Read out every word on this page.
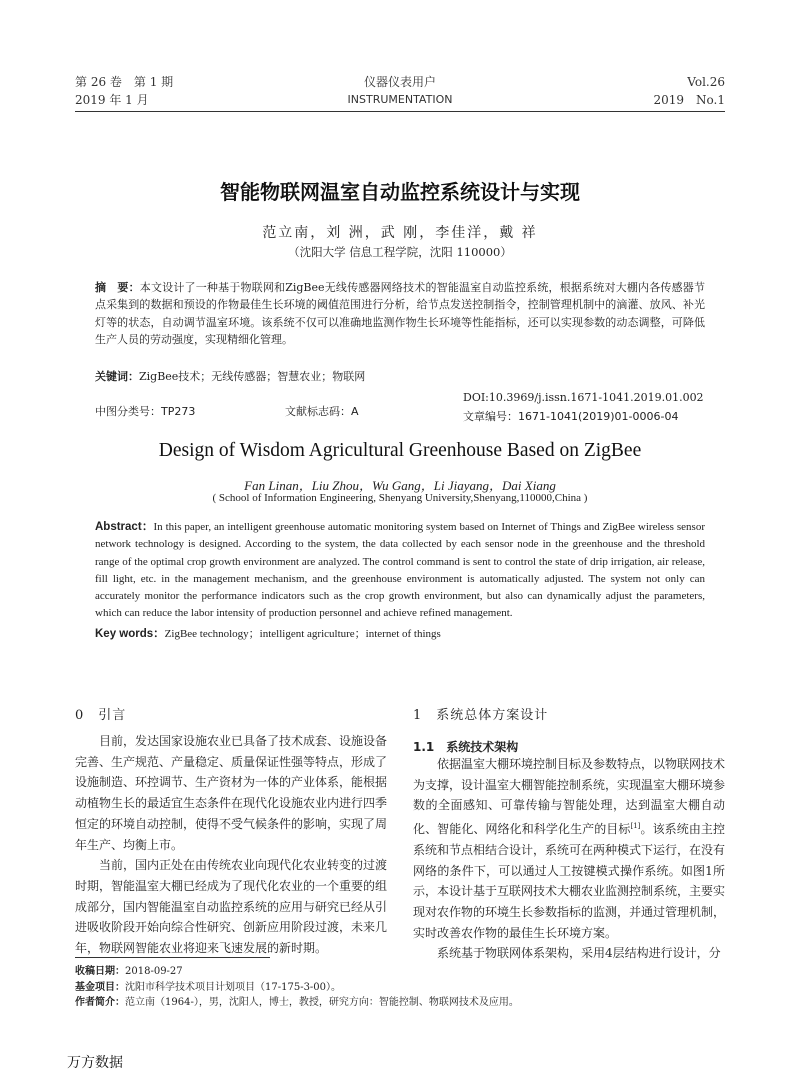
第 26 卷　第 1 期
2019 年 1 月
仪器仪表用户
INSTRUMENTATION
Vol.26
2019　No.1
智能物联网温室自动监控系统设计与实现
范立南，刘 洲，武 刚，李佳洋，戴 祥
（沈阳大学 信息工程学院，沈阳 110000）
摘　要：本文设计了一种基于物联网和ZigBee无线传感器网络技术的智能温室自动监控系统，根据系统对大棚内各传感器节点采集到的数据和预设的作物最佳生长环境的阈值范围进行分析，给节点发送控制指令，控制管理机制中的滴灌、放风、补光灯等的状态，自动调节温室环境。该系统不仅可以准确地监测作物生长环境等性能指标，还可以实现参数的动态调整，可降低生产人员的劳动强度，实现精细化管理。
关键词：ZigBee技术；无线传感器；智慧农业；物联网
中图分类号：TP273	文献标志码：A
DOI:10.3969/j.issn.1671-1041.2019.01.002
文章编号：1671-1041(2019)01-0006-04
Design of Wisdom Agricultural Greenhouse Based on ZigBee
Fan Linan，Liu Zhou，Wu Gang，Li Jiayang，Dai Xiang
( School of Information Engineering, Shenyang University,Shenyang,110000,China )
Abstract：In this paper, an intelligent greenhouse automatic monitoring system based on Internet of Things and ZigBee wireless sensor network technology is designed. According to the system, the data collected by each sensor node in the greenhouse and the threshold range of the optimal crop growth environment are analyzed. The control command is sent to control the state of drip irrigation, air release, fill light, etc. in the management mechanism, and the greenhouse environment is automatically adjusted. The system not only can accurately monitor the performance indicators such as the crop growth environment, but also can dynamically adjust the parameters, which can reduce the labor intensity of production personnel and achieve refined management.
Key words：ZigBee technology；intelligent agriculture；internet of things
0　引言

目前，发达国家设施农业已具备了技术成套、设施设备完善、生产规范、产量稳定、质量保证性强等特点，形成了设施制造、环控调节、生产资材为一体的产业体系，能根据动植物生长的最适宜生态条件在现代化设施农业内进行四季恒定的环境自动控制，使得不受气候条件的影响，实现了周年生产、均衡上市。

当前，国内正处在由传统农业向现代化农业转变的过渡时期，智能温室大棚已经成为了现代化农业的一个重要的组成部分，国内智能温室自动监控系统的应用与研究已经从引进吸收阶段开始向综合性研究、创新应用阶段过渡，未来几年，物联网智能农业将迎来飞速发展的新时期。

1　系统总体方案设计
1.1　系统技术架构

依据温室大棚环境控制目标及参数特点，以物联网技术为支撑，设计温室大棚智能控制系统，实现温室大棚环境参数的全面感知、可靠传输与智能处理，达到温室大棚自动化、智能化、网络化和科学化生产的目标[1]。该系统由主控系统和节点相结合设计，系统可在两种模式下运行，在没有网络的条件下，可以通过人工按键模式操作系统。如图1所示，本设计基于互联网技术大棚农业监测控制系统，主要实现对农作物的环境生长参数指标的监测，并通过管理机制，实时改善农作物的最佳生长环境方案。

系统基于物联网体系架构，采用4层结构进行设计，分

收稿日期：2018-09-27
基金项目：沈阳市科学技术项目计划项目（17-175-3-00）。
作者简介：范立南（1964-），男，沈阳人，博士，教授，研究方向：智能控制、物联网技术及应用。
万方数据
